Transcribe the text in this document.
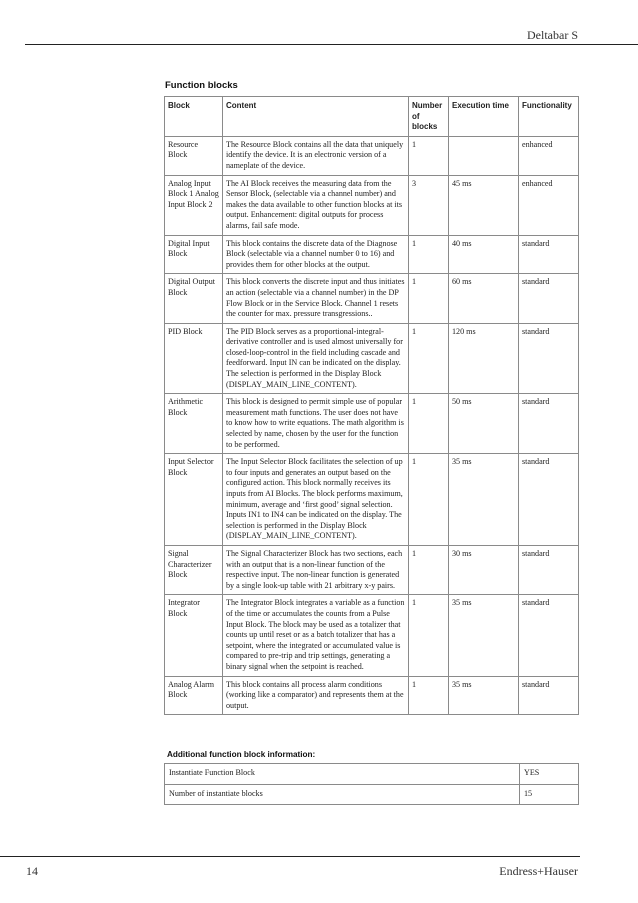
Deltabar S
Function blocks
Block	Content	Number of blocks	Execution time	Functionality
Resource Block	The Resource Block contains all the data that uniquely identify the device. It is an electronic version of a nameplate of the device.	1		enhanced
Analog Input Block 1 Analog Input Block 2	The AI Block receives the measuring data from the Sensor Block, (selectable via a channel number) and makes the data available to other function blocks at its output. Enhancement: digital outputs for process alarms, fail safe mode.	3	45 ms	enhanced
Digital Input Block	This block contains the discrete data of the Diagnose Block (selectable via a channel number 0 to 16) and provides them for other blocks at the output.	1	40 ms	standard
Digital Output Block	This block converts the discrete input and thus initiates an action (selectable via a channel number) in the DP Flow Block or in the Service Block. Channel 1 resets the counter for max. pressure transgressions..	1	60 ms	standard
PID Block	The PID Block serves as a proportional-integral-derivative controller and is used almost universally for closed-loop-control in the field including cascade and feedforward. Input IN can be indicated on the display. The selection is performed in the Display Block (DISPLAY_MAIN_LINE_CONTENT).	1	120 ms	standard
Arithmetic Block	This block is designed to permit simple use of popular measurement math functions. The user does not have to know how to write equations. The math algorithm is selected by name, chosen by the user for the function to be performed.	1	50 ms	standard
Input Selector Block	The Input Selector Block facilitates the selection of up to four inputs and generates an output based on the configured action. This block normally receives its inputs from AI Blocks. The block performs maximum, minimum, average and ‘first good’ signal selection. Inputs IN1 to IN4 can be indicated on the display. The selection is performed in the Display Block (DISPLAY_MAIN_LINE_CONTENT).	1	35 ms	standard
Signal Characterizer Block	The Signal Characterizer Block has two sections, each with an output that is a non-linear function of the respective input. The non-linear function is generated by a single look-up table with 21 arbitrary x-y pairs.	1	30 ms	standard
Integrator Block	The Integrator Block integrates a variable as a function of the time or accumulates the counts from a Pulse Input Block. The block may be used as a totalizer that counts up until reset or as a batch totalizer that has a setpoint, where the integrated or accumulated value is compared to pre-trip and trip settings, generating a binary signal when the setpoint is reached.	1	35 ms	standard
Analog Alarm Block	This block contains all process alarm conditions (working like a comparator) and represents them at the output.	1	35 ms	standard
Additional function block information:
Instantiate Function Block	YES
Number of instantiate blocks	15
14	Endress+Hauser
